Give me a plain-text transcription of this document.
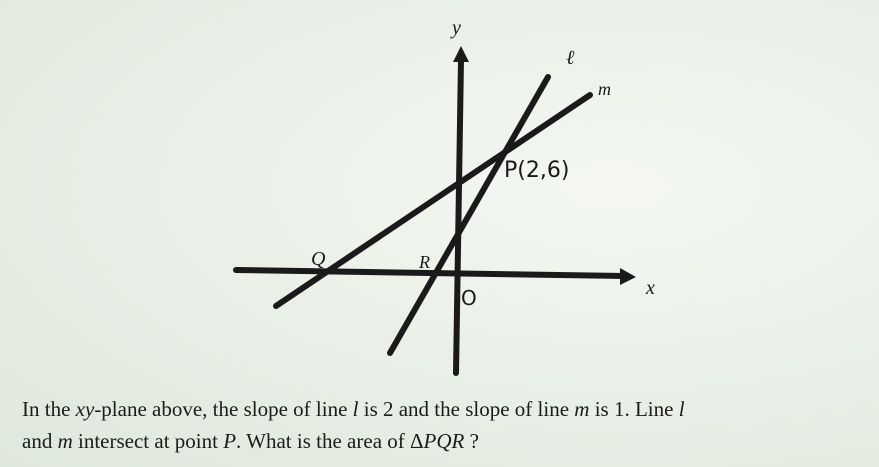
y
x
ℓ
m
P(2,6)
Q	R
O

In the xy-plane above, the slope of line l is 2 and the slope of line m is 1. Line l
and m intersect at point P. What is the area of ΔPQR ?
